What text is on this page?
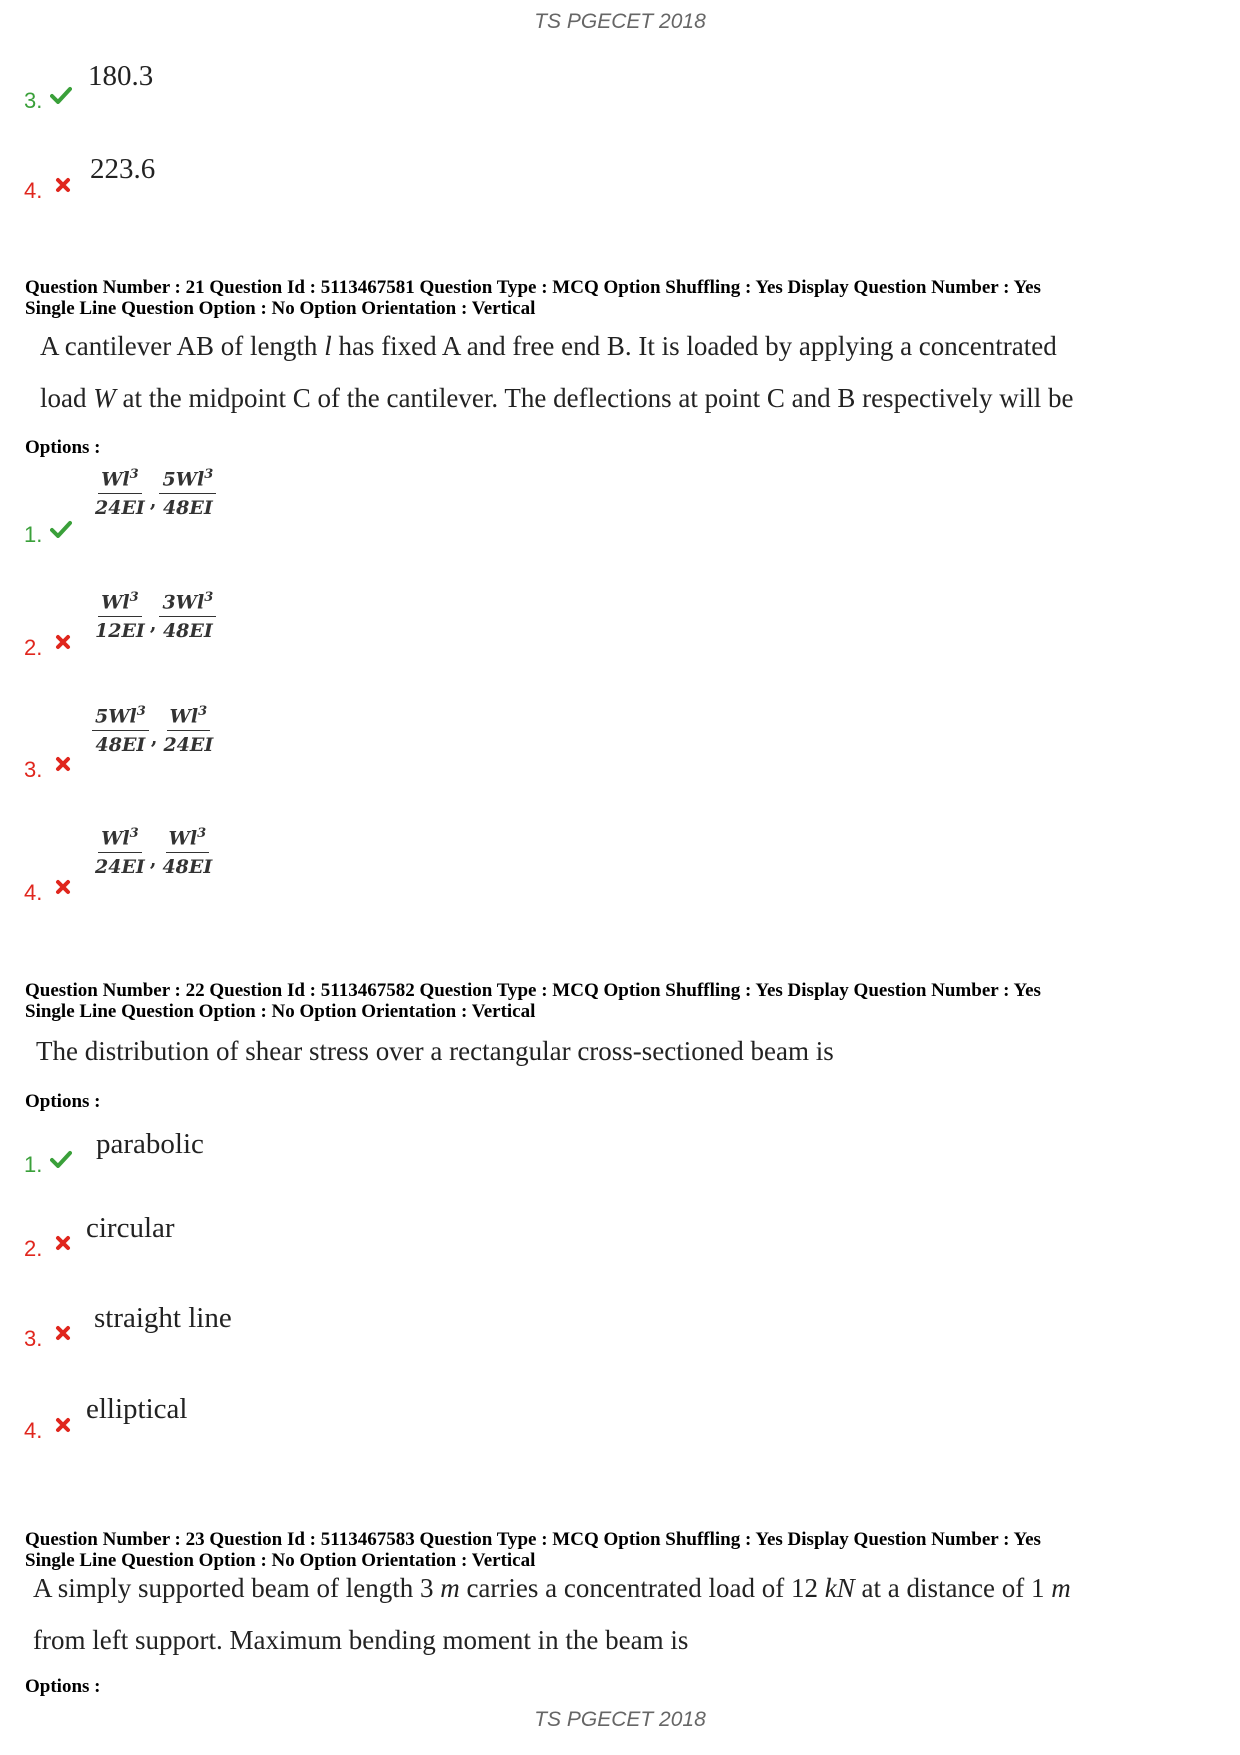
TS PGECET 2018
3.
180.3
4.
223.6
Question Number : 21 Question Id : 5113467581 Question Type : MCQ Option Shuffling : Yes Display Question Number : Yes
Single Line Question Option : No Option Orientation : Vertical
A cantilever AB of length l has fixed A and free end B. It is loaded by applying a concentrated
load W at the midpoint C of the cantilever. The deflections at point C and B respectively will be
Options :
1.
$\frac{Wl^3}{24EI}$ , $\frac{5Wl^3}{48EI}$
2.
$\frac{Wl^3}{12EI}$ , $\frac{3Wl^3}{48EI}$
3.
$\frac{5Wl^3}{48EI}$ , $\frac{Wl^3}{24EI}$
4.
$\frac{Wl^3}{24EI}$ , $\frac{Wl^3}{48EI}$
Question Number : 22 Question Id : 5113467582 Question Type : MCQ Option Shuffling : Yes Display Question Number : Yes
Single Line Question Option : No Option Orientation : Vertical
The distribution of shear stress over a rectangular cross-sectioned beam is
Options :
1.
parabolic
2.
circular
3.
straight line
4.
elliptical
Question Number : 23 Question Id : 5113467583 Question Type : MCQ Option Shuffling : Yes Display Question Number : Yes
Single Line Question Option : No Option Orientation : Vertical
A simply supported beam of length 3 m carries a concentrated load of 12 kN at a distance of 1 m
from left support. Maximum bending moment in the beam is
Options :
TS PGECET 2018
